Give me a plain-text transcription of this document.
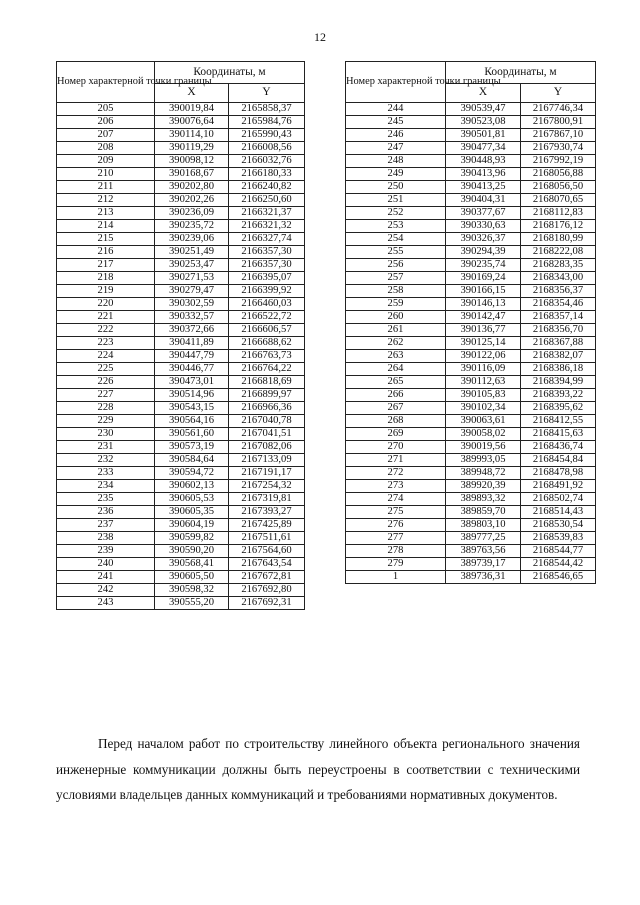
12
Номер характерной точки границы	Координаты, м	
	X	Y
205	390019,84	2165858,37
206	390076,64	2165984,76
207	390114,10	2165990,43
208	390119,29	2166008,56
209	390098,12	2166032,76
210	390168,67	2166180,33
211	390202,80	2166240,82
212	390202,26	2166250,60
213	390236,09	2166321,37
214	390235,72	2166321,32
215	390239,06	2166327,74
216	390251,49	2166357,30
217	390253,47	2166357,30
218	390271,53	2166395,07
219	390279,47	2166399,92
220	390302,59	2166460,03
221	390332,57	2166522,72
222	390372,66	2166606,57
223	390411,89	2166688,62
224	390447,79	2166763,73
225	390446,77	2166764,22
226	390473,01	2166818,69
227	390514,96	2166899,97
228	390543,15	2166966,36
229	390564,16	2167040,78
230	390561,60	2167041,51
231	390573,19	2167082,06
232	390584,64	2167133,09
233	390594,72	2167191,17
234	390602,13	2167254,32
235	390605,53	2167319,81
236	390605,35	2167393,27
237	390604,19	2167425,89
238	390599,82	2167511,61
239	390590,20	2167564,60
240	390568,41	2167643,54
241	390605,50	2167672,81
242	390598,32	2167692,80
243	390555,20	2167692,31
Номер характерной точки границы	Координаты, м	
	X	Y
244	390539,47	2167746,34
245	390523,08	2167800,91
246	390501,81	2167867,10
247	390477,34	2167930,74
248	390448,93	2167992,19
249	390413,96	2168056,88
250	390413,25	2168056,50
251	390404,31	2168070,65
252	390377,67	2168112,83
253	390330,63	2168176,12
254	390326,37	2168180,99
255	390294,39	2168222,08
256	390235,74	2168283,35
257	390169,24	2168343,00
258	390166,15	2168356,37
259	390146,13	2168354,46
260	390142,47	2168357,14
261	390136,77	2168356,70
262	390125,14	2168367,88
263	390122,06	2168382,07
264	390116,09	2168386,18
265	390112,63	2168394,99
266	390105,83	2168393,22
267	390102,34	2168395,62
268	390063,61	2168412,55
269	390058,02	2168415,63
270	390019,56	2168436,74
271	389993,05	2168454,84
272	389948,72	2168478,98
273	389920,39	2168491,92
274	389893,32	2168502,74
275	389859,70	2168514,43
276	389803,10	2168530,54
277	389777,25	2168539,83
278	389763,56	2168544,77
279	389739,17	2168544,42
1	389736,31	2168546,65

Перед началом работ по строительству линейного объекта регионального значения инженерные коммуникации должны быть переустроены в соответствии с техническими условиями владельцев данных коммуникаций и требованиями нормативных документов.
